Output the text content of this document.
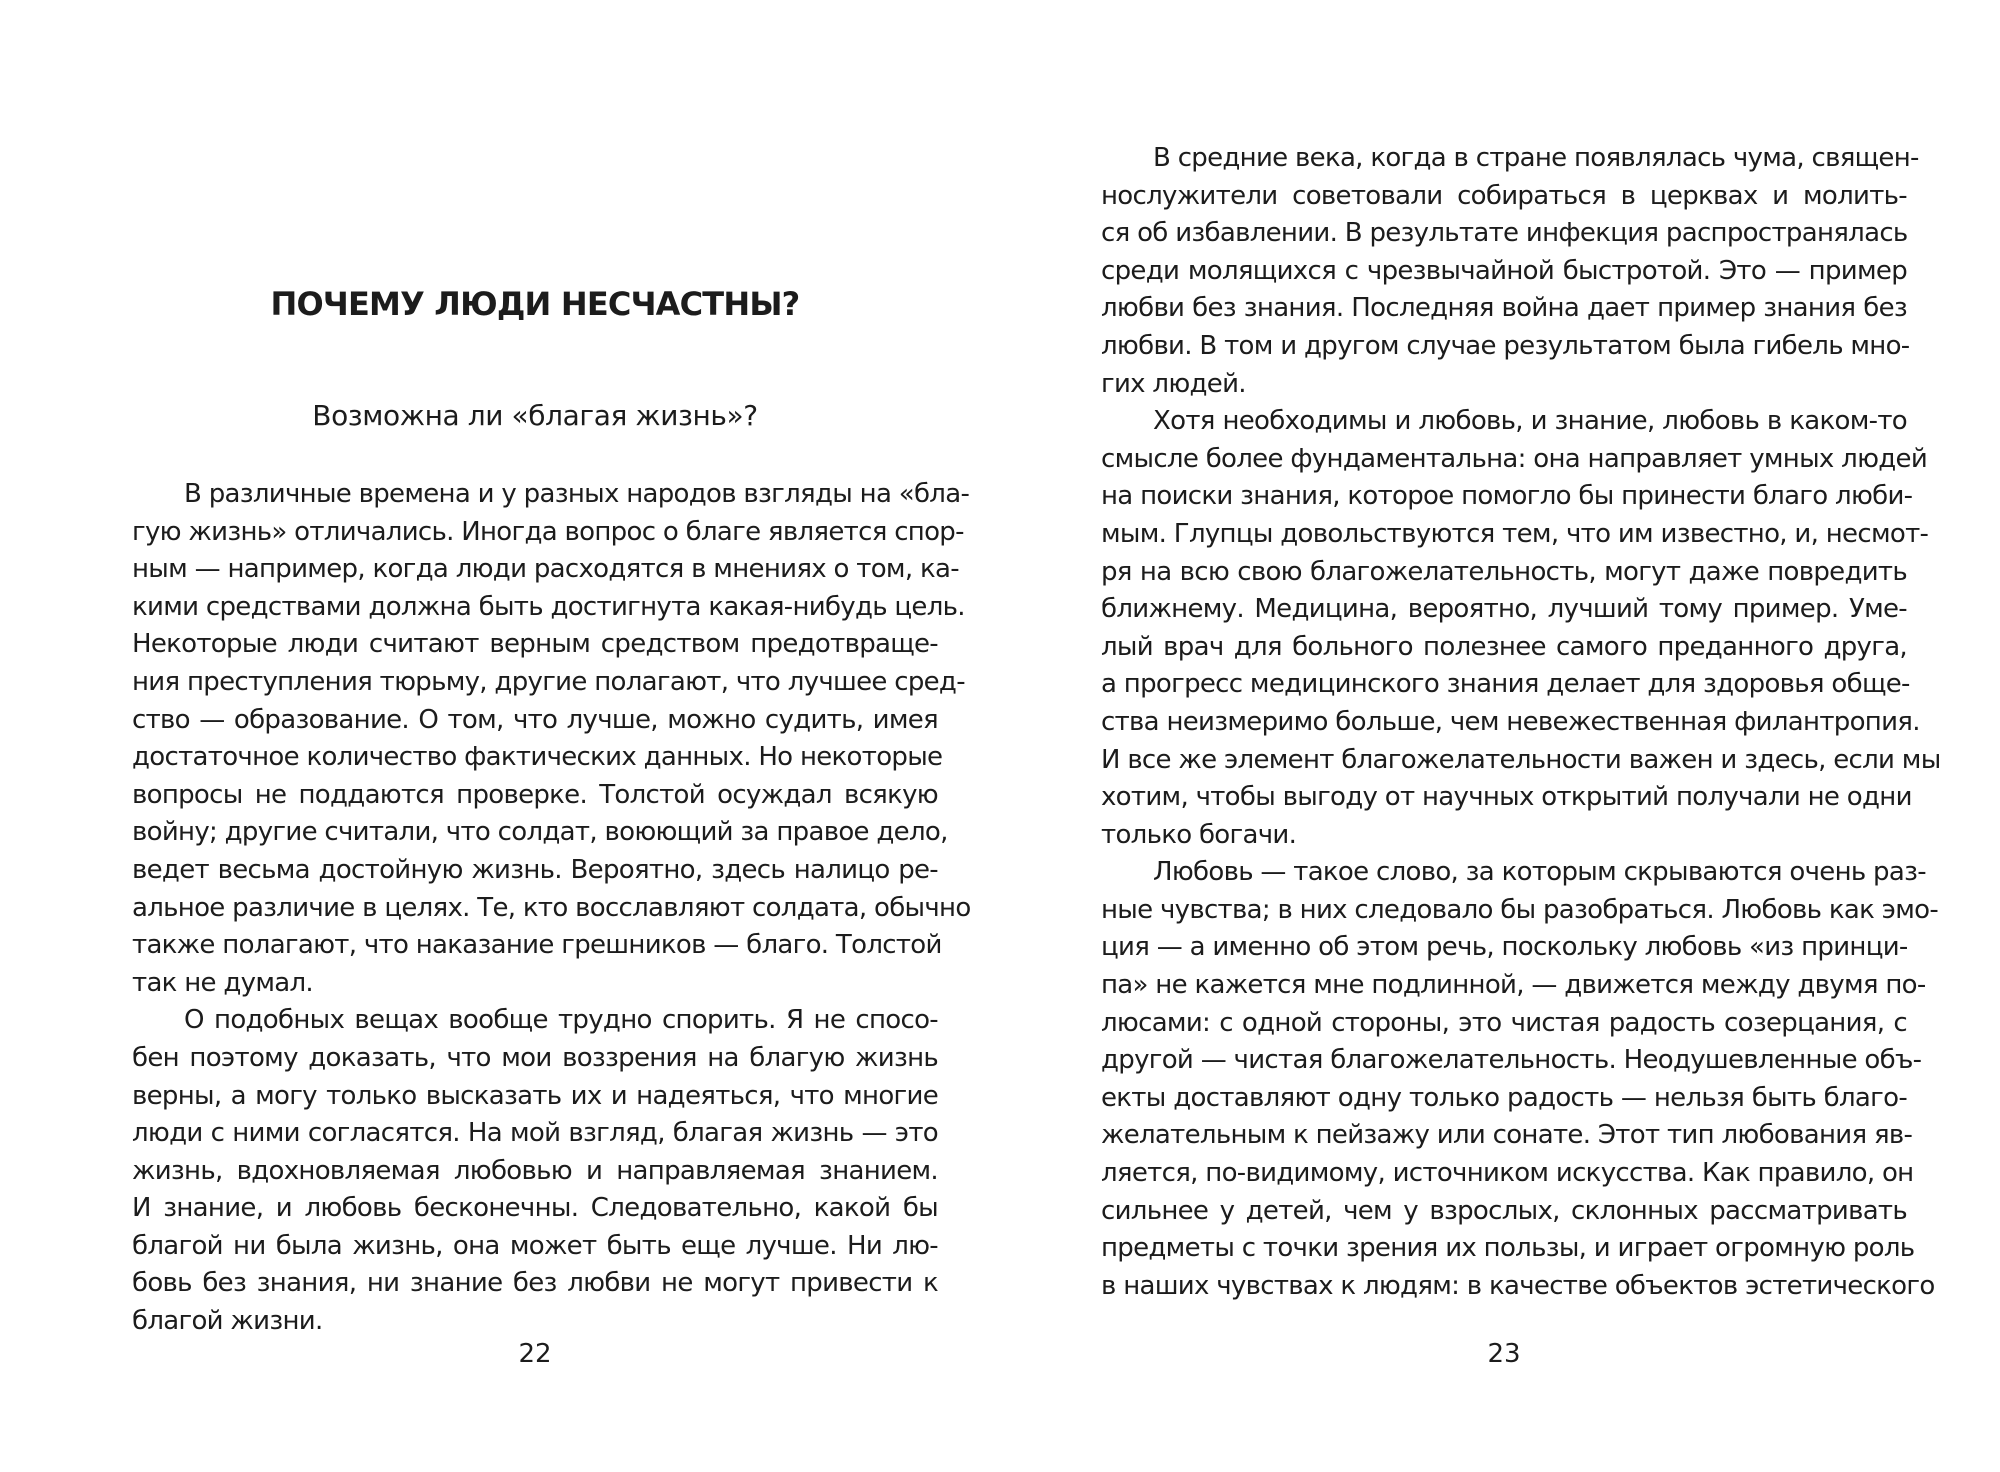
ПОЧЕМУ ЛЮДИ НЕСЧАСТНЫ?
Возможна ли «благая жизнь»?
В различные времена и у разных народов взгляды на «бла-
гую жизнь» отличались. Иногда вопрос о благе является спор-
ным — например, когда люди расходятся в мнениях о том, ка-
кими средствами должна быть достигнута какая-нибудь цель.
Некоторые люди считают верным средством предотвраще-
ния преступления тюрьму, другие полагают, что лучшее сред-
ство — образование. О том, что лучше, можно судить, имея
достаточное количество фактических данных. Но некоторые
вопросы не поддаются проверке. Толстой осуждал всякую
войну; другие считали, что солдат, воюющий за правое дело,
ведет весьма достойную жизнь. Вероятно, здесь налицо ре-
альное различие в целях. Те, кто восславляют солдата, обычно
также полагают, что наказание грешников — благо. Толстой
так не думал.
О подобных вещах вообще трудно спорить. Я не спосо-
бен поэтому доказать, что мои воззрения на благую жизнь
верны, а могу только высказать их и надеяться, что многие
люди с ними согласятся. На мой взгляд, благая жизнь — это
жизнь, вдохновляемая любовью и направляемая знанием.
И знание, и любовь бесконечны. Следовательно, какой бы
благой ни была жизнь, она может быть еще лучше. Ни лю-
бовь без знания, ни знание без любви не могут привести к
благой жизни.
22
В средние века, когда в стране появлялась чума, священ-
нослужители советовали собираться в церквах и молить-
ся об избавлении. В результате инфекция распространялась
среди молящихся с чрезвычайной быстротой. Это — пример
любви без знания. Последняя война дает пример знания без
любви. В том и другом случае результатом была гибель мно-
гих людей.
Хотя необходимы и любовь, и знание, любовь в каком-то
смысле более фундаментальна: она направляет умных людей
на поиски знания, которое помогло бы принести благо люби-
мым. Глупцы довольствуются тем, что им известно, и, несмот-
ря на всю свою благожелательность, могут даже повредить
ближнему. Медицина, вероятно, лучший тому пример. Уме-
лый врач для больного полезнее самого преданного друга,
а прогресс медицинского знания делает для здоровья обще-
ства неизмеримо больше, чем невежественная филантропия.
И все же элемент благожелательности важен и здесь, если мы
хотим, чтобы выгоду от научных открытий получали не одни
только богачи.
Любовь — такое слово, за которым скрываются очень раз-
ные чувства; в них следовало бы разобраться. Любовь как эмо-
ция — а именно об этом речь, поскольку любовь «из принци-
па» не кажется мне подлинной, — движется между двумя по-
люсами: с одной стороны, это чистая радость созерцания, с
другой — чистая благожелательность. Неодушевленные объ-
екты доставляют одну только радость — нельзя быть благо-
желательным к пейзажу или сонате. Этот тип любования яв-
ляется, по-видимому, источником искусства. Как правило, он
сильнее у детей, чем у взрослых, склонных рассматривать
предметы с точки зрения их пользы, и играет огромную роль
в наших чувствах к людям: в качестве объектов эстетического
23
